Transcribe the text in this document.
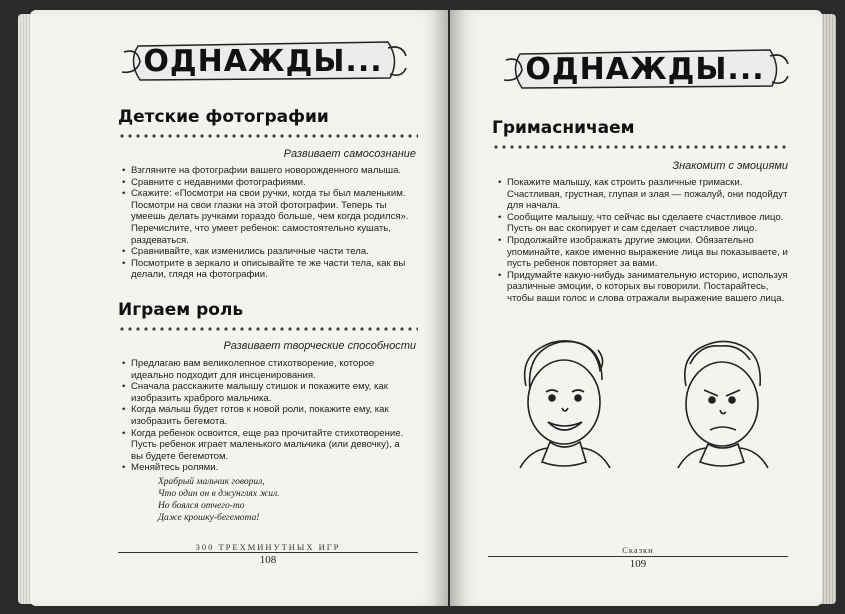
ОДНАЖДЫ...
Детские фотографии
Развивает самосознание
• Взгляните на фотографии вашего новорожденного малыша.
• Сравните с недавними фотографиями.
• Скажите: «Посмотри на свои ручки, когда ты был маленьким. Посмотри на свои глазки на этой фотографии. Теперь ты умеешь делать ручками гораздо больше, чем когда родился». Перечислите, что умеет ребенок: самостоятельно кушать, раздеваться.
• Сравнивайте, как изменились различные части тела.
• Посмотрите в зеркало и описывайте те же части тела, как вы делали, глядя на фотографии.
Играем роль
Развивает творческие способности
• Предлагаю вам великолепное стихотворение, которое идеально подходит для инсценирования.
• Сначала расскажите малышу стишок и покажите ему, как изобразить храброго мальчика.
• Когда малыш будет готов к новой роли, покажите ему, как изобразить бегемота.
• Когда ребенок освоится, еще раз прочитайте стихотворение. Пусть ребенок играет маленького мальчика (или девочку), а вы будете бегемотом.
• Меняйтесь ролями.
Храбрый мальчик говорил,
Что один он в джунглях жил.
Но боялся отчего-то
Даже крошку-бегемота!
300 ТРЕХМИНУТНЫХ ИГР
108
ОДНАЖДЫ...
Гримасничаем
Знакомит с эмоциями
• Покажите малышу, как строить различные гримаски. Счастливая, грустная, глупая и злая — пожалуй, они подойдут для начала.
• Сообщите малышу, что сейчас вы сделаете счастливое лицо. Пусть он вас скопирует и сам сделает счастливое лицо.
• Продолжайте изображать другие эмоции. Обязательно упоминайте, какое именно выражение лица вы показываете, и пусть ребенок повторяет за вами.
• Придумайте какую-нибудь занимательную историю, используя различные эмоции, о которых вы говорили. Постарайтесь, чтобы ваши голос и слова отражали выражение вашего лица.
Сказки
109
